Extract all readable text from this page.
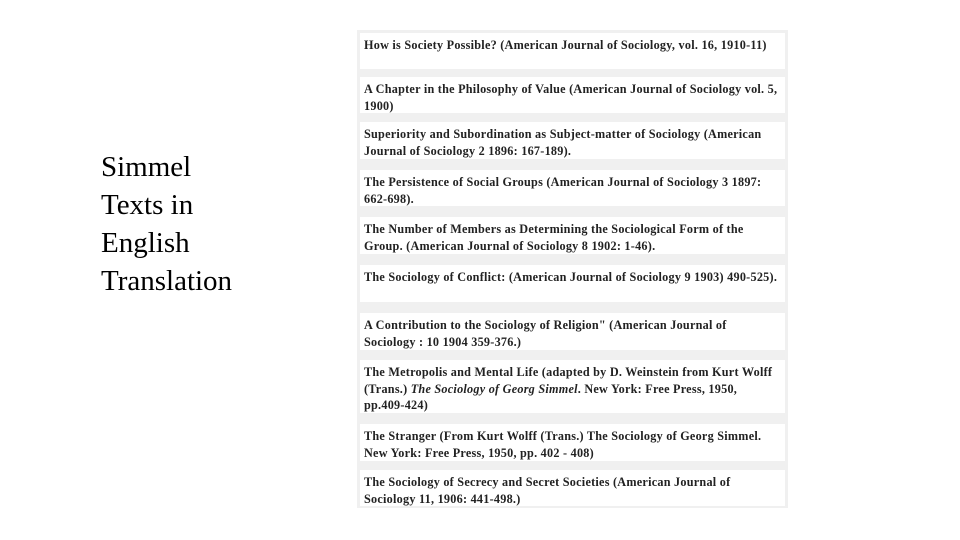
Simmel
Texts in
English
Translation
How is Society Possible? (American Journal of Sociology, vol. 16, 1910-11)
A Chapter in the Philosophy of Value (American Journal of Sociology vol. 5, 1900)
Superiority and Subordination as Subject-matter of Sociology (American Journal of Sociology 2 1896: 167-189).
The Persistence of Social Groups (American Journal of Sociology 3 1897: 662-698).
The Number of Members as Determining the Sociological Form of the Group. (American Journal of Sociology 8 1902: 1-46).
The Sociology of Conflict: (American Journal of Sociology 9 1903) 490-525).
A Contribution to the Sociology of Religion" (American Journal of Sociology : 10 1904 359-376.)
The Metropolis and Mental Life (adapted by D. Weinstein from Kurt Wolff (Trans.) The Sociology of Georg Simmel. New York: Free Press, 1950, pp.409-424)
The Stranger (From Kurt Wolff (Trans.) The Sociology of Georg Simmel. New York: Free Press, 1950, pp. 402 - 408)
The Sociology of Secrecy and Secret Societies (American Journal of Sociology 11, 1906: 441-498.)
